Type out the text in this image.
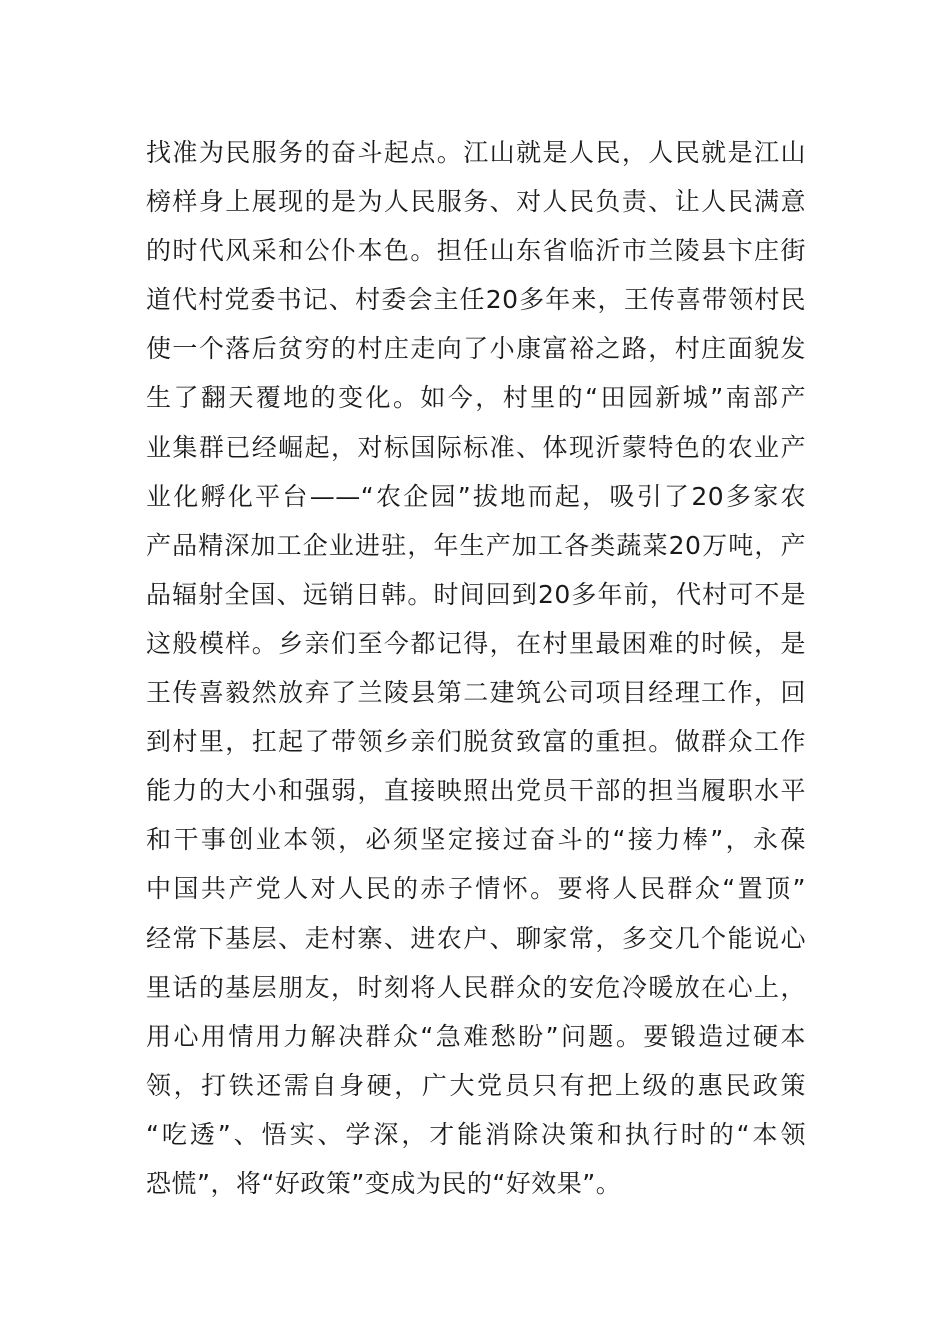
找准为民服务的奋斗起点。江山就是人民，人民就是江山
榜样身上展现的是为人民服务、对人民负责、让人民满意
的时代风采和公仆本色。担任山东省临沂市兰陵县卞庄街
道代村党委书记、村委会主任20多年来，王传喜带领村民
使一个落后贫穷的村庄走向了小康富裕之路，村庄面貌发
生了翻天覆地的变化。如今，村里的“田园新城”南部产
业集群已经崛起，对标国际标准、体现沂蒙特色的农业产
业化孵化平台——“农企园”拔地而起，吸引了20多家农
产品精深加工企业进驻，年生产加工各类蔬菜20万吨，产
品辐射全国、远销日韩。时间回到20多年前，代村可不是
这般模样。乡亲们至今都记得，在村里最困难的时候，是
王传喜毅然放弃了兰陵县第二建筑公司项目经理工作，回
到村里，扛起了带领乡亲们脱贫致富的重担。做群众工作
能力的大小和强弱，直接映照出党员干部的担当履职水平
和干事创业本领，必须坚定接过奋斗的“接力棒”，永葆
中国共产党人对人民的赤子情怀。要将人民群众“置顶”
经常下基层、走村寨、进农户、聊家常，多交几个能说心
里话的基层朋友，时刻将人民群众的安危冷暖放在心上，
用心用情用力解决群众“急难愁盼”问题。要锻造过硬本
领，打铁还需自身硬，广大党员只有把上级的惠民政策
“吃透”、悟实、学深，才能消除决策和执行时的“本领
恐慌”，将“好政策”变成为民的“好效果”。
